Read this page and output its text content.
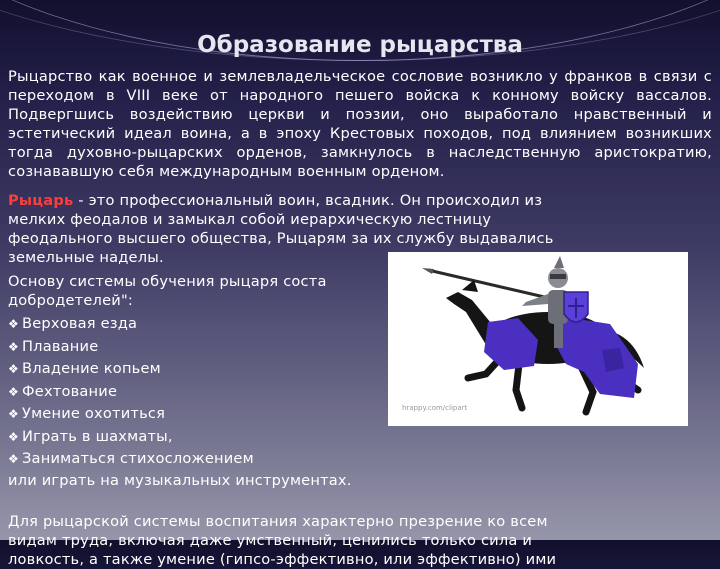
Образование рыцарства
Рыцарство как военное и землевладельческое сословие возникло у франков в связи с переходом в VIII веке от народного пешего войска к конному войску вассалов. Подвергшись воздействию церкви и поэзии, оно выработало нравственный и эстетический идеал воина, а в эпоху Крестовых походов, под влиянием возникших тогда духовно-рыцарских орденов, замкнулось в наследственную аристократию, сознававшую себя международным военным орденом.
hrappy.com/clipart
Рыцарь - это профессиональный воин, всадник. Он происходил из
мелких феодалов и замыкал собой иерархическую лестницу
феодального высшего общества, Рыцарям за их службу выдавались
земельные наделы.
Основу системы обучения рыцаря соста
добродетелей":
❖ Верховая езда
❖ Плавание
❖ Владение копьем
❖ Фехтование
❖ Умение охотиться
❖ Играть в шахматы,
❖ Заниматься стихосложением
или играть на музыкальных инструментах.
Для рыцарской системы воспитания характерно презрение ко всем
видам труда, включая даже умственный, ценились только сила и
ловкость, а также умение (гипсо-эффективно, или эффективно) ими
